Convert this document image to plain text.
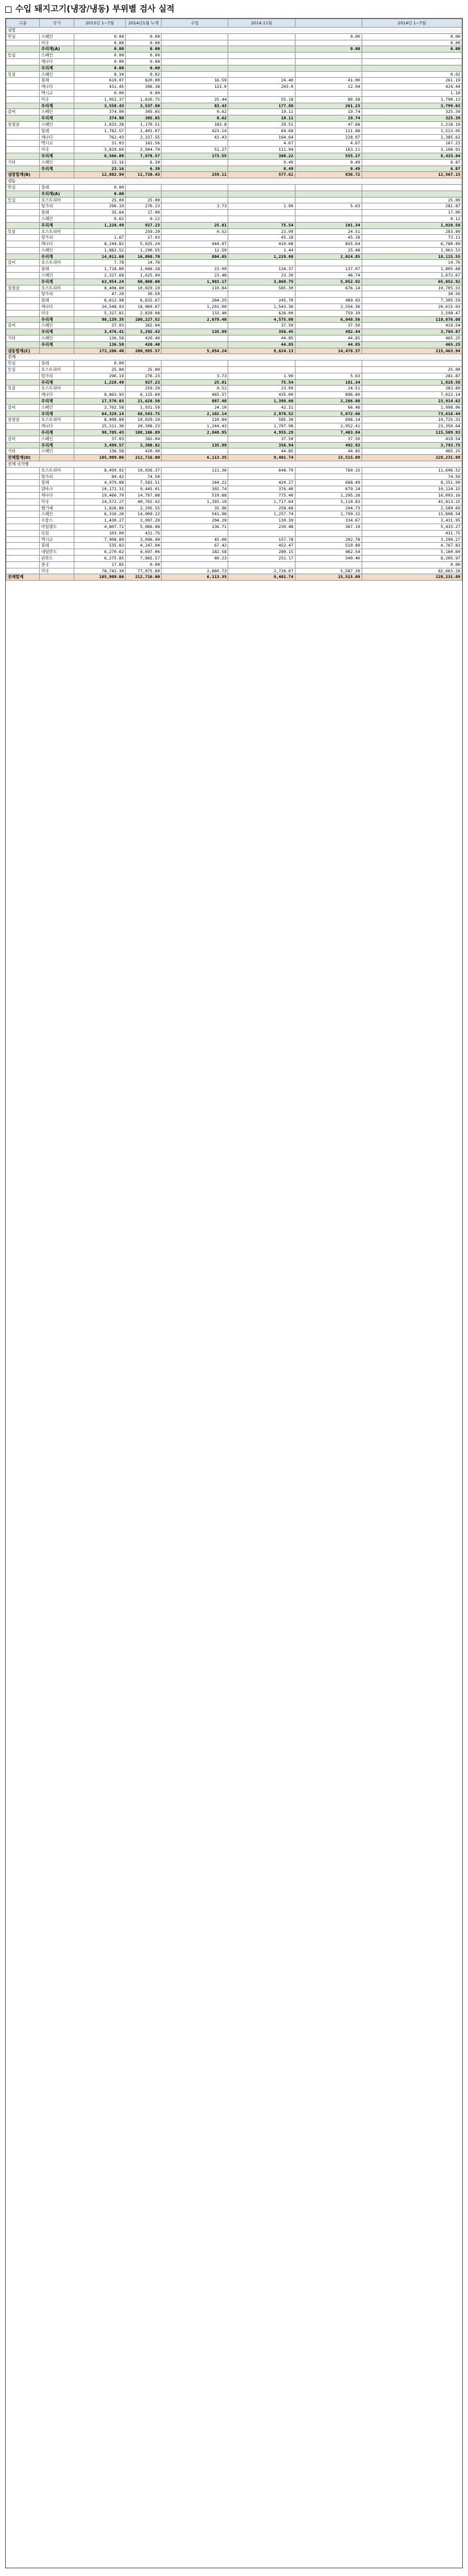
수입 돼지고기(냉장/냉동) 부위별 검사 실적
구분	국가	2013년 1~7월	2014년1월 누계	수입	2014.11월		2014년 1~7월
냉장							
안심	스페인	0.00	0.00			0.00	0.00
	미국	0.00	0.00				0.00
	우리계(A)	0.00	0.00			0.00	0.00
등심	스페인	0.00	0.00				
	캐나다	0.00	0.00				
	우리계	0.00	0.00				
목살	스페인	8.34	0.02				0.02
	칠레	619.07	620.00	16.59	24.40	41.00	261.19
	캐나다	431.45	396.38	123.0	203.0	12.94	424.44
	멕시코	0.00	0.00				1.10
	미국	1,952.37	1,620.75	25.44	55.18	80.58	1,790.13
	우리계	3,558.43	3,537.80	83.43	177.80	261.23	3,799.03
갈비	스페인	374.90	305.65	0.62	19.11	19.74	325.39
	우리계	374.90	305.65	0.62	19.11	19.74	325.39
삼겹살	스페인	1,833.28	1,170.51	183.8	29.51	47.68	1,218.19
	칠레	1,782.57	1,401.07	423.14	69.68	111.88	1,513.05
	캐나다	762.43	2,337.55	43.43	164.64	228.07	2,385.62
	멕시코	31.03	162.56		4.67	4.67	167.23
	미국	3,819.64	2,944.70	51.27	111.94	163.21	3,108.91
	우리계	8,566.09	7,878.57	173.55	380.22	555.27	8,433.84
기타	스페인	23.16	6.39		0.49	0.49	6.87
	우리계	23.16	6.39		0.49	0.49	6.87
냉장합계(B)		12,802.94	11,730.43	259.11	577.61	836.72	12,567.15
냉동							
안심	칠레	0.00					
	우리계(A)	0.00					
등심	오스트리아	25.00	25.00				25.00
	헝가리	296.19	276.23	3.73	1.90	5.63	281.87
	칠레	35.64	17.00				17.00
	스페인	0.62	0.12				0.12
	우리계	1,228.49	927.23	25.81	75.54	101.34	1,028.58
목살	오스트리아		259.29	0.52	23.99	24.51	283.80
	헝가리	1.67	27.93		45.18	45.18	73.11
	캐나다	8,244.82	5,925.24	444.97	410.68	855.64	6,780.89
	스페인	1,882.52	1,290.55	12.59	1.44	25.48	1,963.53
	우리계	14,011.60	16,090.70	804.05	1,229.80	2,024.85	18,115.55
갈비	오스트리아	7.78	14.76				14.76
	칠레	1,718.80	1,666.18	23.09	134.37	137.07	1,805.68
	스페인	2,327.68	1,625.94	23.48	23.20	46.74	1,672.67
	우리계	63,954.24	60,000.00	1,983.17	3,069.75	5,052.92	65,052.92
삼겹살	오스트리아	8,408.80	10,029.19	110.84	585.30	676.14	10,705.33
	헝가리	47.20	30.50				30.50
	칠레	6,812.98	6,815.67	264.25	245.70	489.92	7,305.59
	캐나다	24,548.93	18,060.67	1,201.00	1,543.36	2,554.36	20,615.03
	미국	5,327.81	2,839.08	133.40	626.00	759.39	3,598.47
	우리계	90,139.35	100,227.52	2,679.40	4,575.00	6,848.56	110,076.08
갈비	스페인	37.03	382.04		37.50	37.50	419.54
	우리계	3,476.41	3,292.43	135.99	356.45	492.44	3,784.87
기타	스페인	136.58	420.40		44.85	44.85	465.25
	우리계	136.58	420.40		44.85	44.85	465.25
냉동합계(C)		173,206.40	200,985.57	5,854.24	8,624.13	14,478.37	215,463.94
전체							
안심	칠레	0.00					
등심	오스트리아	25.00	25.00				25.00
	헝가리	296.19	276.23	3.73	1.90	5.63	281.87
	우리계	1,228.49	927.23	25.81	75.54	101.34	1,028.58
목살	오스트리아		259.29	0.52	23.99	24.51	283.80
	캐나다	8,863.93	6,125.60	465.57	435.00	896.60	7,022.14
	우리계	17,570.03	21,628.50	887.48	1,398.60	2,286.08	23,914.62
갈비	스페인	2,702.58	1,931.59	24.10	42.31	66.48	1,998.06
	우리계	64,329.14	68,543.75	2,102.14	2,970.52	5,072.66	73,616.44
삼겹살	오스트리아	8,408.80	10,029.19	110.84	585.30	696.14	10,725.33
	캐나다	25,311.36	20,398.23	1,244.43	1,707.98	2,952.41	23,350.64
	우리계	98,705.43	108,106.09	2,848.95	4,955.29	7,403.84	115,509.93
갈비	스페인	37.03	382.04		37.50	37.50	419.54
	우리계	3,499.57	3,300.82	135.99	356.94	492.93	3,793.75
기타	스페인	136.58	420.40		44.85	44.85	465.25
전체합계(D)		185,909.06	212,716.00	6,113.35	9,401.74	15,515.09	228,231.09
전체 국가별							
	오스트리아	8,450.92	10,936.37	111.36	648.79	760.15	11,696.52
	헝가리	89.42	74.50				74.50
	칠레	4,979.88	7,583.51	244.22	424.27	668.49	8,251.99
	덴마크	10,172.31	9,445.01	302.74	376.40	679.14	10,124.15
	캐나다	19,460.70	14,797.88	519.88	775.40	1,295.28	16,093.16
	미국	24,572.27	40,702.42	1,393.19	1,717.64	3,110.83	43,813.25
	벨기에	1,826.86	2,295.55	35.96	258.68	294.73	2,589.69
	스페인	6,316.26	14,009.22	541.98	1,257.74	1,799.32	15,808.54
	프랑스	1,430.27	3,097.29	204.29	130.39	334.67	3,431.95
	아일랜드	4,807.72	5,066.08	136.71	230.48	367.19	5,433.27
	독일	103.09	431.75				431.75
	멕시코	7,908.89	3,096.49	45.00	157.78	202.78	3,299.27
	칠레	535.83	4,247.94	67.42	452.47	519.89	4,767.83
	네덜란드	6,270.62	4,697.06	182.58	280.15	462.54	5,160.60
	핀란드	6,275.85	7,865.57	89.23	251.17	340.40	8,205.97
	중국	17.85	0.00				0.00
	미국	78,742.30	77,075.89	2,860.73	2,726.67	5,587.39	82,663.28
전체합계		185,909.06	212,716.00	6,113.35	9,401.74	15,515.09	228,231.09
